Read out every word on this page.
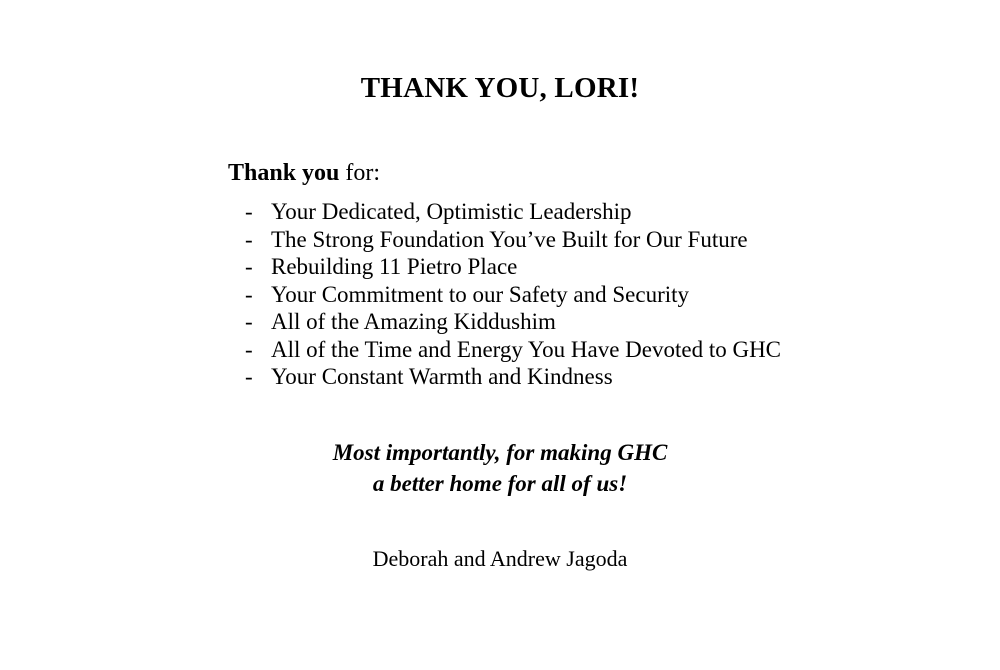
THANK YOU, LORI!
Thank you for:
- Your Dedicated, Optimistic Leadership
- The Strong Foundation You’ve Built for Our Future
- Rebuilding 11 Pietro Place
- Your Commitment to our Safety and Security
- All of the Amazing Kiddushim
- All of the Time and Energy You Have Devoted to GHC
- Your Constant Warmth and Kindness
Most importantly, for making GHC
a better home for all of us!
Deborah and Andrew Jagoda
